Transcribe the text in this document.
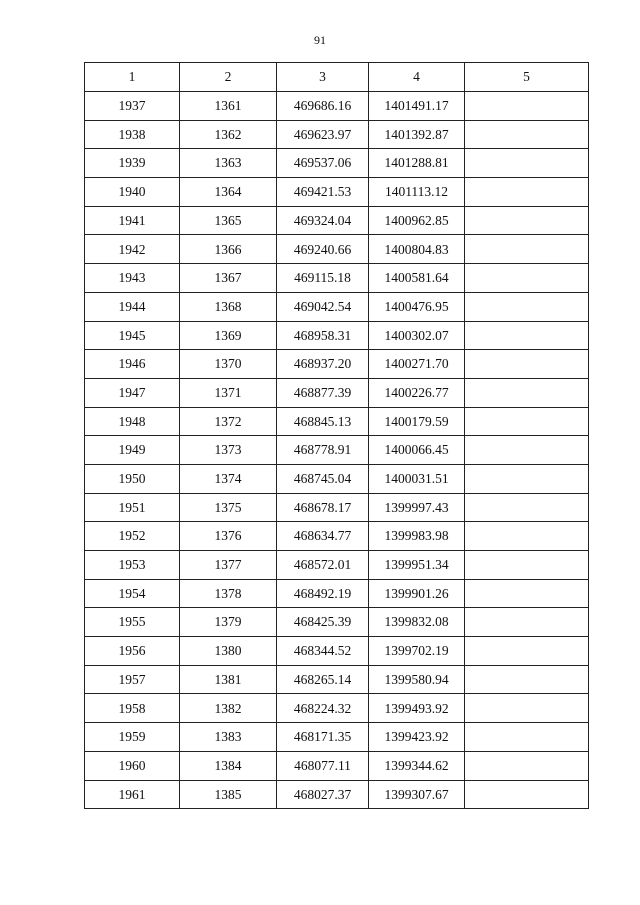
91
1	2	3	4	5
1937	1361	469686.16	1401491.17	
1938	1362	469623.97	1401392.87	
1939	1363	469537.06	1401288.81	
1940	1364	469421.53	1401113.12	
1941	1365	469324.04	1400962.85	
1942	1366	469240.66	1400804.83	
1943	1367	469115.18	1400581.64	
1944	1368	469042.54	1400476.95	
1945	1369	468958.31	1400302.07	
1946	1370	468937.20	1400271.70	
1947	1371	468877.39	1400226.77	
1948	1372	468845.13	1400179.59	
1949	1373	468778.91	1400066.45	
1950	1374	468745.04	1400031.51	
1951	1375	468678.17	1399997.43	
1952	1376	468634.77	1399983.98	
1953	1377	468572.01	1399951.34	
1954	1378	468492.19	1399901.26	
1955	1379	468425.39	1399832.08	
1956	1380	468344.52	1399702.19	
1957	1381	468265.14	1399580.94	
1958	1382	468224.32	1399493.92	
1959	1383	468171.35	1399423.92	
1960	1384	468077.11	1399344.62	
1961	1385	468027.37	1399307.67	
